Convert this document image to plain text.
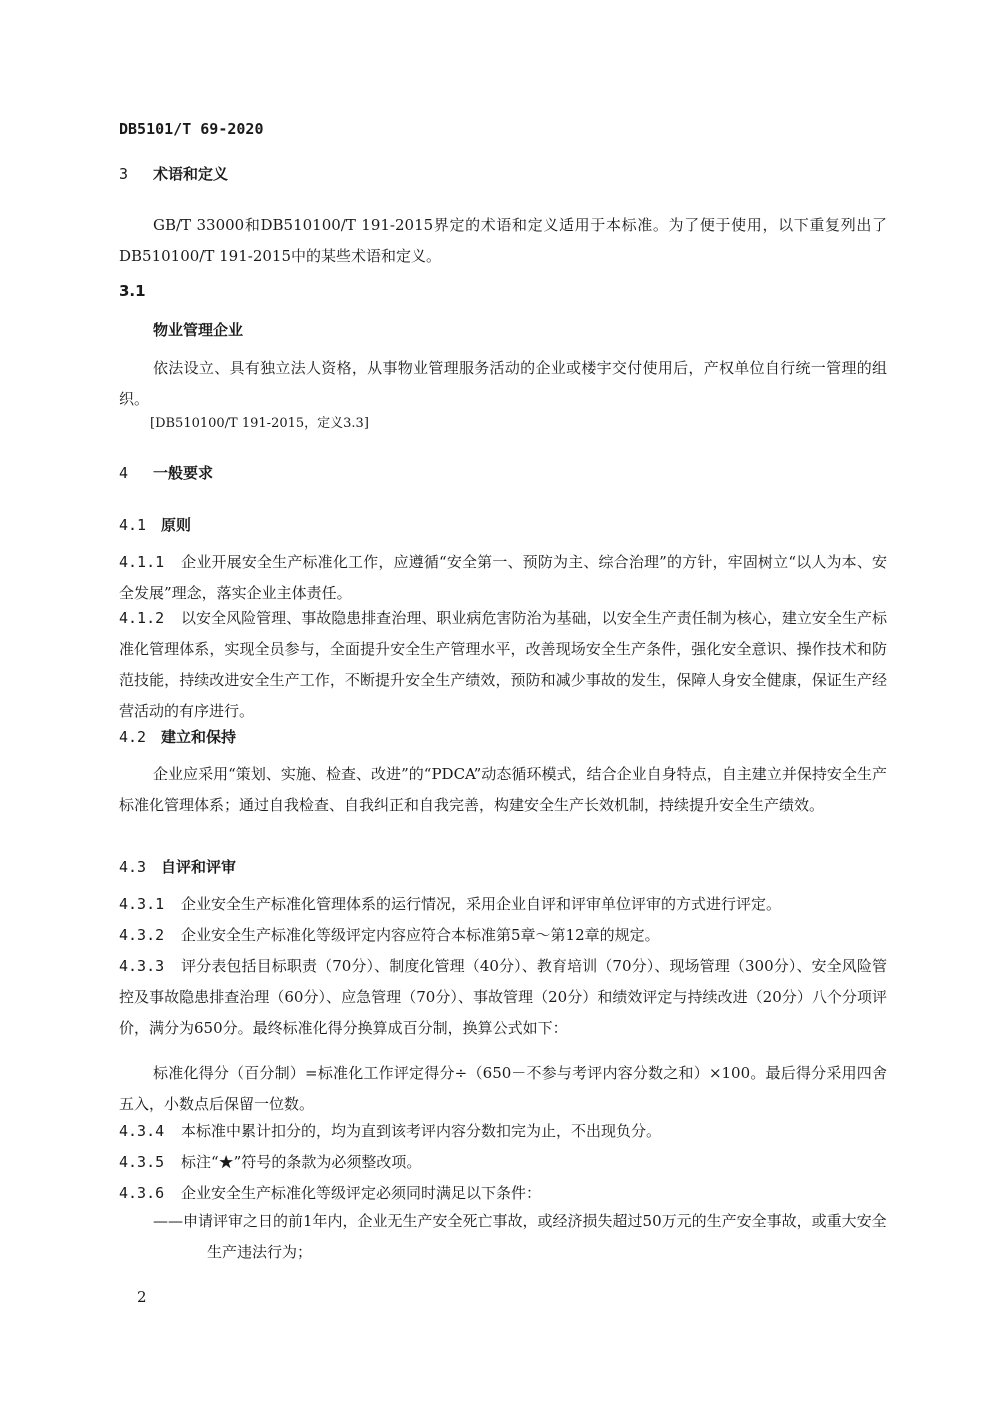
DB5101/T 69-2020
3 术语和定义
GB/T 33000和DB510100/T 191-2015界定的术语和定义适用于本标准。为了便于使用，以下重复列出了DB510100/T 191-2015中的某些术语和定义。
3.1
物业管理企业
依法设立、具有独立法人资格，从事物业管理服务活动的企业或楼宇交付使用后，产权单位自行统一管理的组织。
[DB510100/T 191-2015，定义3.3]
4 一般要求
4.1 原则
4.1.1 企业开展安全生产标准化工作，应遵循“安全第一、预防为主、综合治理”的方针，牢固树立“以人为本、安全发展”理念，落实企业主体责任。
4.1.2 以安全风险管理、事故隐患排查治理、职业病危害防治为基础，以安全生产责任制为核心，建立安全生产标准化管理体系，实现全员参与，全面提升安全生产管理水平，改善现场安全生产条件，强化安全意识、操作技术和防范技能，持续改进安全生产工作，不断提升安全生产绩效，预防和减少事故的发生，保障人身安全健康，保证生产经营活动的有序进行。
4.2 建立和保持
企业应采用“策划、实施、检查、改进”的“PDCA”动态循环模式，结合企业自身特点，自主建立并保持安全生产标准化管理体系；通过自我检查、自我纠正和自我完善，构建安全生产长效机制，持续提升安全生产绩效。
4.3 自评和评审
4.3.1 企业安全生产标准化管理体系的运行情况，采用企业自评和评审单位评审的方式进行评定。
4.3.2 企业安全生产标准化等级评定内容应符合本标准第5章～第12章的规定。
4.3.3 评分表包括目标职责（70分）、制度化管理（40分）、教育培训（70分）、现场管理（300分）、安全风险管控及事故隐患排查治理（60分）、应急管理（70分）、事故管理（20分）和绩效评定与持续改进（20分）八个分项评价，满分为650分。最终标准化得分换算成百分制，换算公式如下：
标准化得分（百分制）=标准化工作评定得分÷（650－不参与考评内容分数之和）×100。最后得分采用四舍五入，小数点后保留一位数。
4.3.4 本标准中累计扣分的，均为直到该考评内容分数扣完为止，不出现负分。
4.3.5 标注“★”符号的条款为必须整改项。
4.3.6 企业安全生产标准化等级评定必须同时满足以下条件：
——申请评审之日的前1年内，企业无生产安全死亡事故，或经济损失超过50万元的生产安全事故，或重大安全生产违法行为；
2
